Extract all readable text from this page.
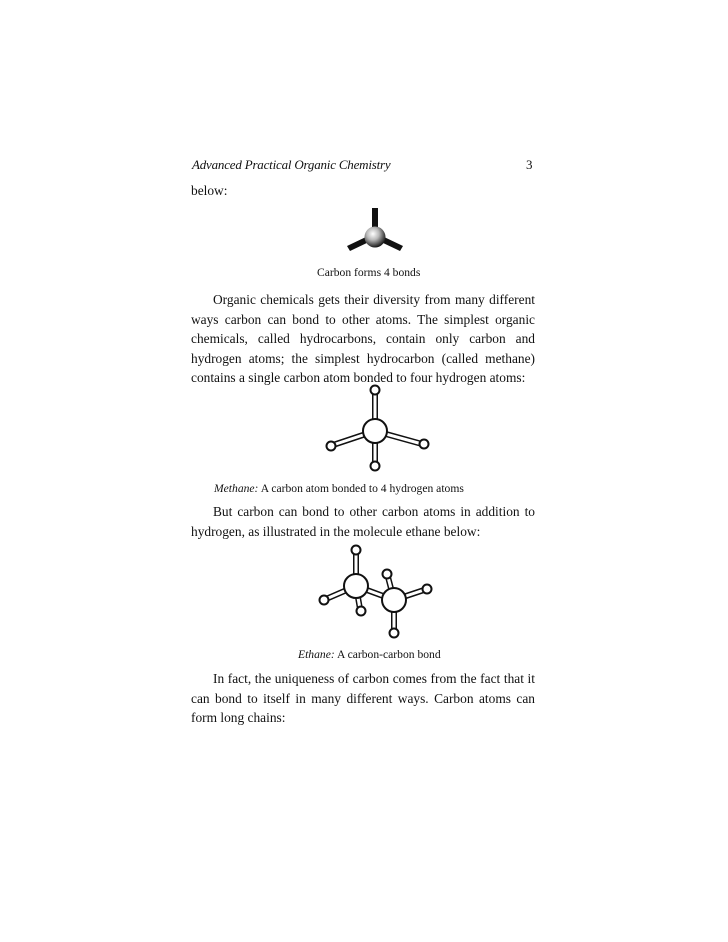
Advanced Practical Organic Chemistry	3
below:
Carbon forms 4 bonds
Organic chemicals gets their diversity from many different ways carbon can bond to other atoms. The simplest organic chemicals, called hydrocarbons, contain only carbon and hydrogen atoms; the simplest hydrocarbon (called methane) contains a single carbon atom bonded to four hydrogen atoms:
Methane: A carbon atom bonded to 4 hydrogen atoms
But carbon can bond to other carbon atoms in addition to hydrogen, as illustrated in the molecule ethane below:
Ethane: A carbon-carbon bond
In fact, the uniqueness of carbon comes from the fact that it can bond to itself in many different ways. Carbon atoms can form long chains:
